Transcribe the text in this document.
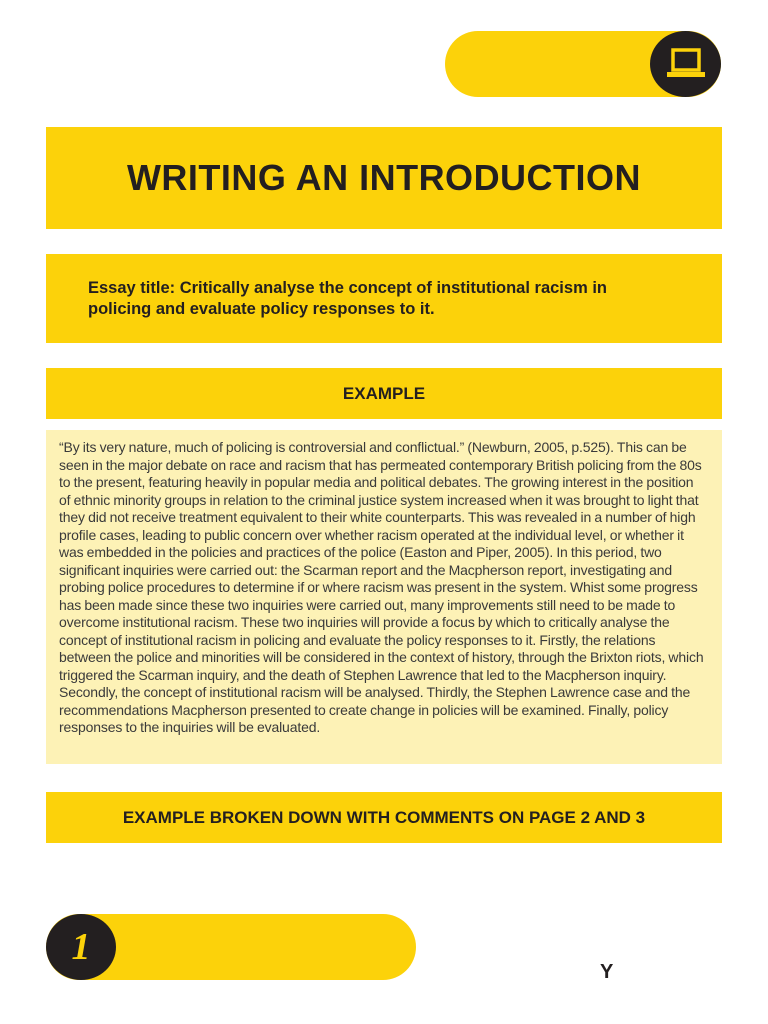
WRITING AN INTRODUCTION

Essay title: Critically analyse the concept of institutional racism in policing and evaluate policy responses to it.

EXAMPLE

“By its very nature, much of policing is controversial and conflictual.” (Newburn, 2005, p.525). This can be seen in the major debate on race and racism that has permeated contemporary British policing from the 80s to the present, featuring heavily in popular media and political debates. The growing interest in the position of ethnic minority groups in relation to the criminal justice system increased when it was brought to light that they did not receive treatment equivalent to their white counterparts. This was revealed in a number of high profile cases, leading to public concern over whether racism operated at the individual level, or whether it was embedded in the policies and practices of the police (Easton and Piper, 2005). In this period, two significant inquiries were carried out: the Scarman report and the Macpherson report, investigating and probing police procedures to determine if or where racism was present in the system. Whist some progress has been made since these two inquiries were carried out, many improvements still need to be made to overcome institutional racism. These two inquiries will provide a focus by which to critically analyse the concept of institutional racism in policing and evaluate the policy responses to it. Firstly, the relations between the police and minorities will be considered in the context of history, through the Brixton riots, which triggered the Scarman inquiry, and the death of Stephen Lawrence that led to the Macpherson inquiry. Secondly, the concept of institutional racism will be analysed. Thirdly, the Stephen Lawrence case and the recommendations Macpherson presented to create change in policies will be examined. Finally, policy responses to the inquiries will be evaluated.

EXAMPLE BROKEN DOWN WITH COMMENTS ON PAGE 2 AND 3
1
Y
